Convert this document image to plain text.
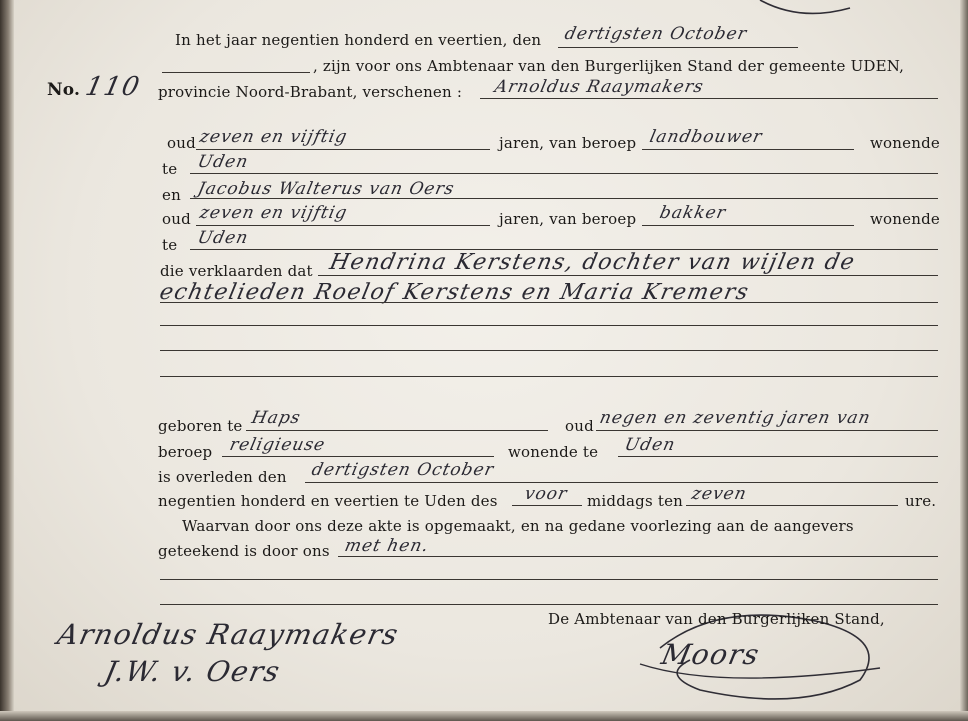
In het jaar negentien honderd en veertien, den dertigsten October
, zijn voor ons Ambtenaar van den Burgerlijken Stand der gemeente UDEN,
No. 110 provincie Noord-Brabant, verschenen : Arnoldus Raaymakers
oud zeven en vijftig	jaren, van beroep landbouwer	wonende
te Uden
en Jacobus Walterus van Oers
oud zeven en vijftig	jaren, van beroep bakker	wonende
te Uden
die verklaarden dat Hendrina Kerstens, dochter van wijlen de
echtelieden Roelof Kerstens en Maria Kremers
geboren te Haps	oud negen en zeventig jaren van
beroep religieuse	wonende te Uden
is overleden den dertigsten October
negentien honderd en veertien te Uden des voor middags ten zeven	ure.
Waarvan door ons deze akte is opgemaakt, en na gedane voorlezing aan de aangevers
geteekend is door ons met hen.
De Ambtenaar van den Burgerlijken Stand,
Arnoldus Raaymakers
J.W. v. Oers
Moors
